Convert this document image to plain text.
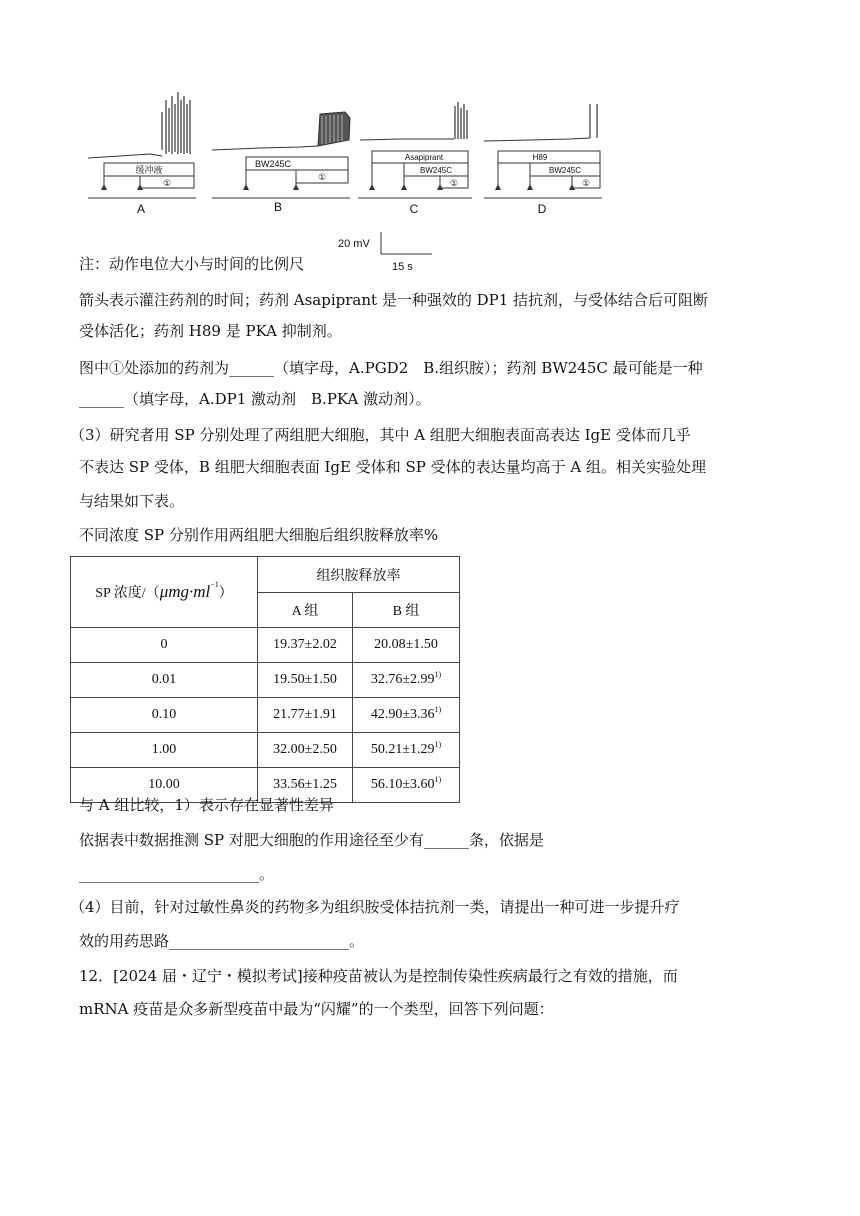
缓冲液
①
BW245C
①
Asapiprant
BW245C
①
H89
BW245C
①
A	B	C	D
20 mV
15 s
注：动作电位大小与时间的比例尺
箭头表示灌注药剂的时间；药剂 Asapiprant 是一种强效的 DP1 拮抗剂，与受体结合后可阻断
受体活化；药剂 H89 是 PKA 抑制剂。
图中①处添加的药剂为______（填字母，A.PGD2　B.组织胺）；药剂 BW245C 最可能是一种
______（填字母，A.DP1 激动剂　B.PKA 激动剂）。
（3）研究者用 SP 分别处理了两组肥大细胞，其中 A 组肥大细胞表面高表达 IgE 受体而几乎
不表达 SP 受体，B 组肥大细胞表面 IgE 受体和 SP 受体的表达量均高于 A 组。相关实验处理
与结果如下表。
不同浓度 SP 分别作用两组肥大细胞后组织胺释放率%
SP 浓度$/(\mu mg\cdot ml^{-1})$	组织胺释放率	
	A 组	B 组
0	19.37±2.02	20.08±1.50
0.01	19.50±1.50	$32.76\pm 2.99^{1)}$
0.10	21.77±1.91	$42.90\pm 3.36^{1)}$
1.00	32.00±2.50	$50.21\pm 1.29^{1)}$
10.00	33.56±1.25	$56.10\pm 3.60^{1)}$
与 A 组比较，1）表示存在显著性差异
依据表中数据推测 SP 对肥大细胞的作用途径至少有______条，依据是
________________________。
（4）目前，针对过敏性鼻炎的药物多为组织胺受体拮抗剂一类，请提出一种可进一步提升疗
效的用药思路________________________。
12．[2024 届・辽宁・模拟考试]接种疫苗被认为是控制传染性疾病最行之有效的措施，而
mRNA 疫苗是众多新型疫苗中最为“闪耀”的一个类型，回答下列问题：
